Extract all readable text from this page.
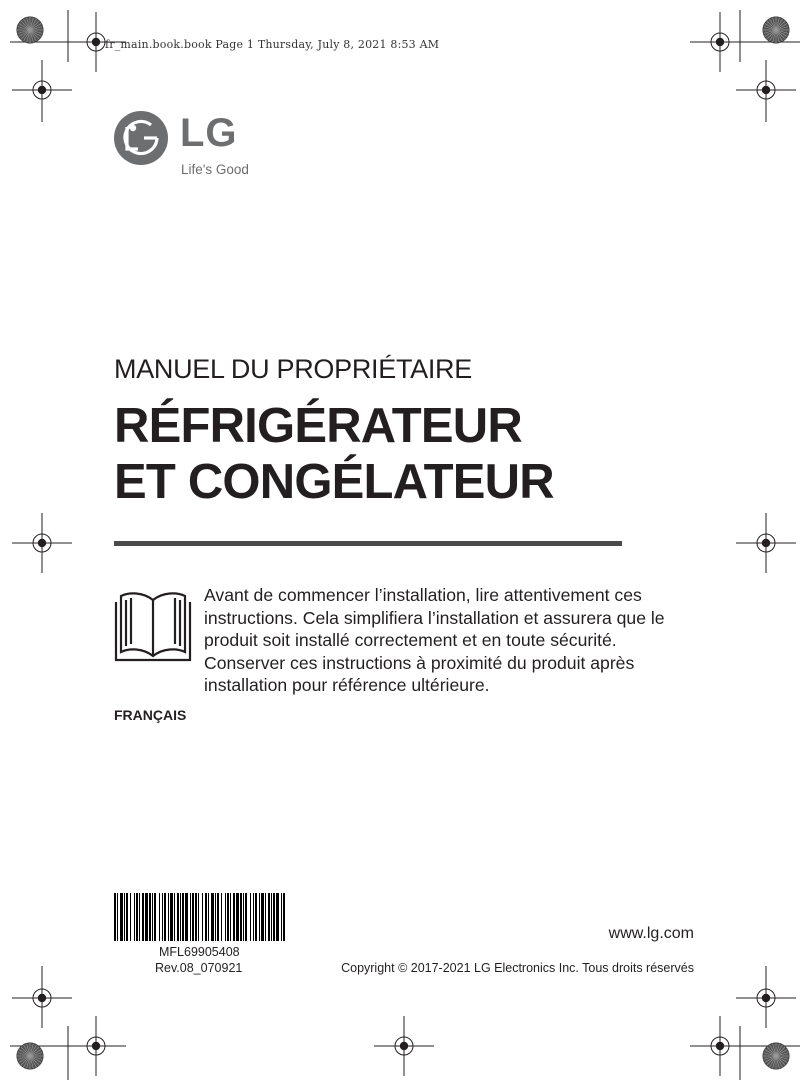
fr_main.book.book Page 1 Thursday, July 8, 2021 8:53 AM
LG
Life's Good
MANUEL DU PROPRIÉTAIRE
RÉFRIGÉRATEUR
ET CONGÉLATEUR
Avant de commencer l’installation, lire attentivement ces instructions. Cela simplifiera l’installation et assurera que le produit soit installé correctement et en toute sécurité. Conserver ces instructions à proximité du produit après installation pour référence ultérieure.
FRANÇAIS
MFL69905408
Rev.08_070921
www.lg.com
Copyright © 2017-2021 LG Electronics Inc. Tous droits réservés
